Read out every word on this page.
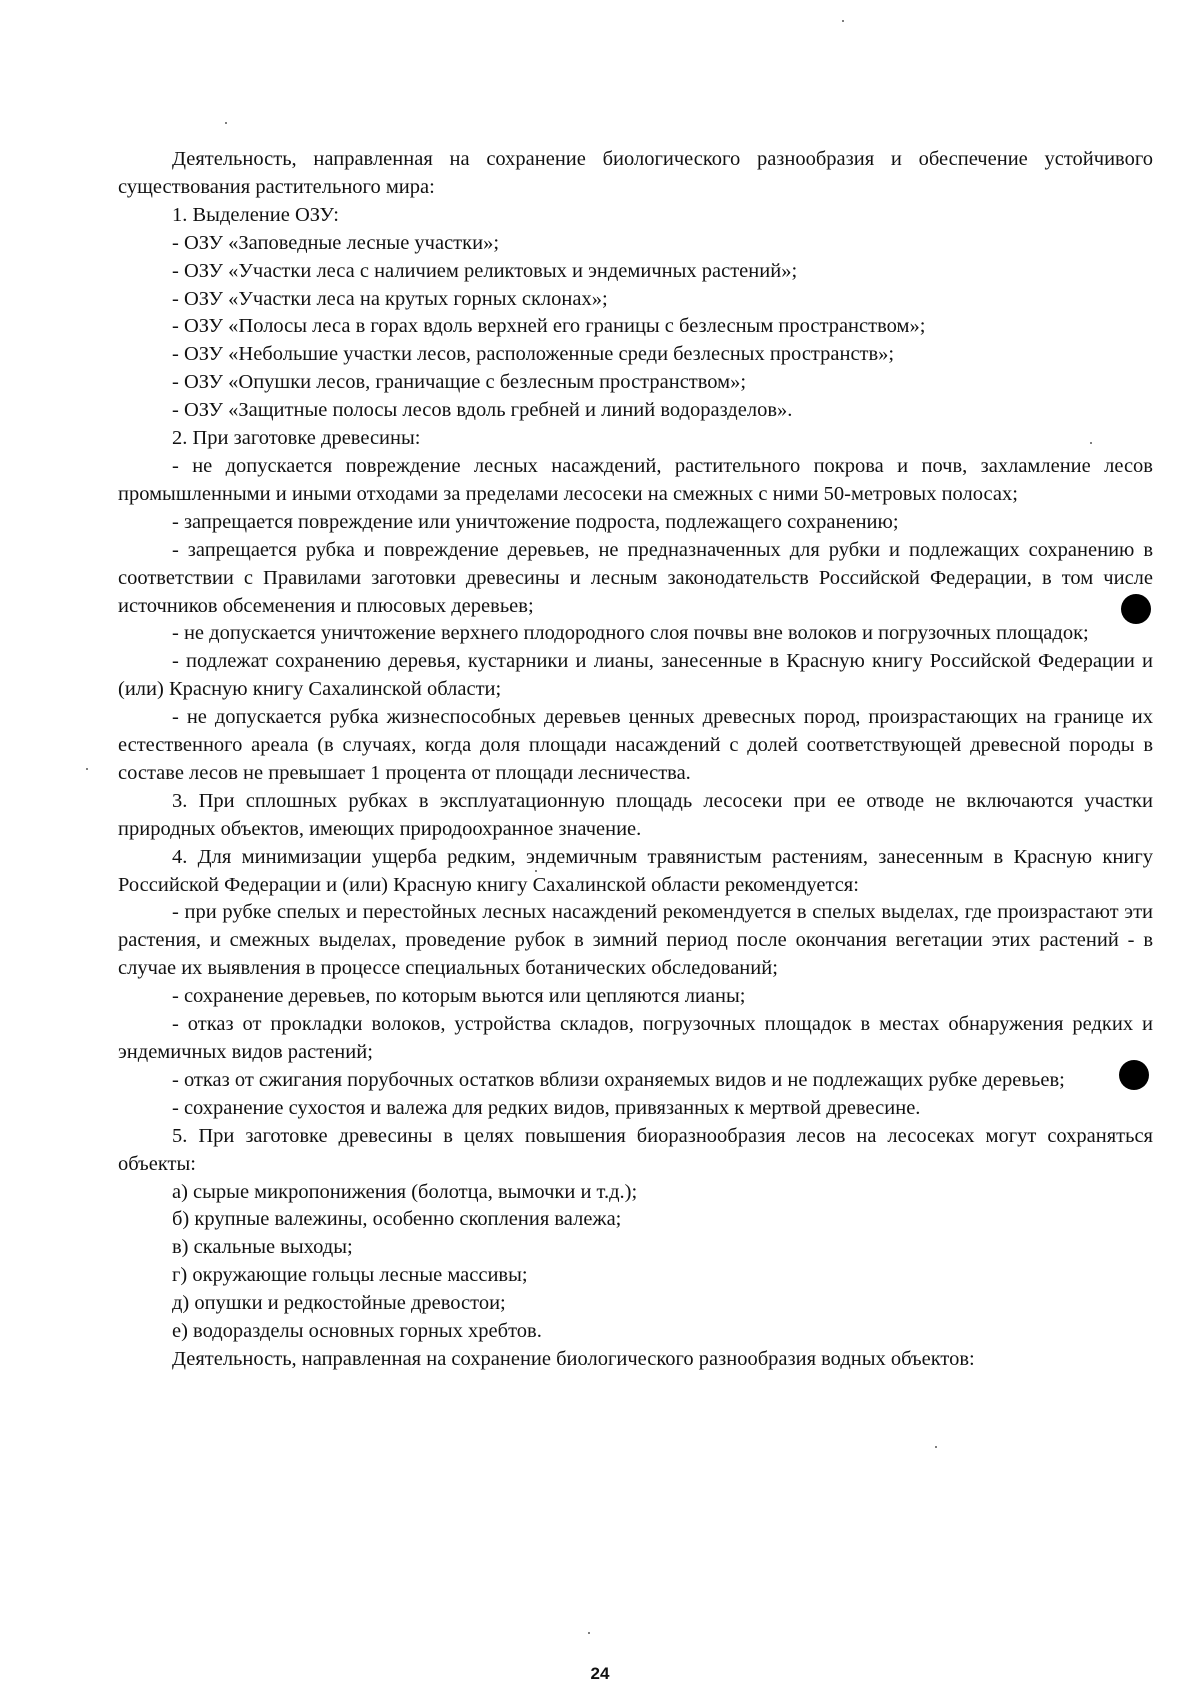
Деятельность, направленная на сохранение биологического разнообразия и обеспечение устойчивого существования растительного мира:

1. Выделение ОЗУ:

- ОЗУ «Заповедные лесные участки»;

- ОЗУ «Участки леса с наличием реликтовых и эндемичных растений»;

- ОЗУ «Участки леса на крутых горных склонах»;

- ОЗУ «Полосы леса в горах вдоль верхней его границы с безлесным пространством»;

- ОЗУ «Небольшие участки лесов, расположенные среди безлесных пространств»;

- ОЗУ «Опушки лесов, граничащие с безлесным пространством»;

- ОЗУ «Защитные полосы лесов вдоль гребней и линий водоразделов».

2. При заготовке древесины:

- не допускается повреждение лесных насаждений, растительного покрова и почв, захламление лесов промышленными и иными отходами за пределами лесосеки на смежных с ними 50-метровых полосах;

- запрещается повреждение или уничтожение подроста, подлежащего сохранению;

- запрещается рубка и повреждение деревьев, не предназначенных для рубки и подлежащих сохранению в соответствии с Правилами заготовки древесины и лесным законодательств Российской Федерации, в том числе источников обсеменения и плюсовых деревьев;

- не допускается уничтожение верхнего плодородного слоя почвы вне волоков и погрузочных площадок;

- подлежат сохранению деревья, кустарники и лианы, занесенные в Красную книгу Российской Федерации и (или) Красную книгу Сахалинской области;

- не допускается рубка жизнеспособных деревьев ценных древесных пород, произрастающих на границе их естественного ареала (в случаях, когда доля площади насаждений с долей соответствующей древесной породы в составе лесов не превышает 1 процента от площади лесничества.

3. При сплошных рубках в эксплуатационную площадь лесосеки при ее отводе не включаются участки природных объектов, имеющих природоохранное значение.

4. Для минимизации ущерба редким, эндемичным травянистым растениям, занесенным в Красную книгу Российской Федерации и (или) Красную книгу Сахалинской области рекомендуется:

- при рубке спелых и перестойных лесных насаждений рекомендуется в спелых выделах, где произрастают эти растения, и смежных выделах, проведение рубок в зимний период после окончания вегетации этих растений - в случае их выявления в процессе специальных ботанических обследований;

- сохранение деревьев, по которым вьются или цепляются лианы;

- отказ от прокладки волоков, устройства складов, погрузочных площадок в местах обнаружения редких и эндемичных видов растений;

- отказ от сжигания порубочных остатков вблизи охраняемых видов и не подлежащих рубке деревьев;

- сохранение сухостоя и валежа для редких видов, привязанных к мертвой древесине.

5. При заготовке древесины в целях повышения биоразнообразия лесов на лесосеках могут сохраняться объекты:

а) сырые микропонижения (болотца, вымочки и т.д.);

б) крупные валежины, особенно скопления валежа;

в) скальные выходы;

г) окружающие гольцы лесные массивы;

д) опушки и редкостойные древостои;

е) водоразделы основных горных хребтов.

Деятельность, направленная на сохранение биологического разнообразия водных объектов:

24
